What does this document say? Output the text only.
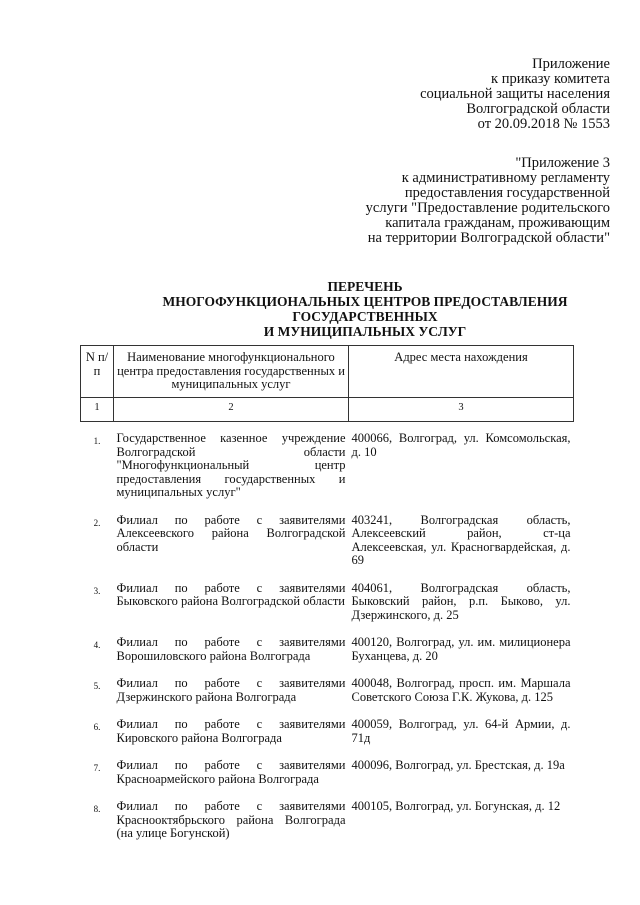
Приложение
к приказу комитета
социальной защиты населения
Волгоградской области
от 20.09.2018 № 1553
"Приложение 3
к административному регламенту
предоставления государственной
услуги "Предоставление родительского
капитала гражданам, проживающим
на территории Волгоградской области"
ПЕРЕЧЕНЬ
МНОГОФУНКЦИОНАЛЬНЫХ ЦЕНТРОВ ПРЕДОСТАВЛЕНИЯ
ГОСУДАРСТВЕННЫХ
И МУНИЦИПАЛЬНЫХ УСЛУГ
N п/п	Наименование многофункционального центра предоставления государственных и муниципальных услуг	Адрес места нахождения
1	2	3
1.	Государственное казенное учреждение Волгоградской области "Многофункциональный центр предоставления государственных и муниципальных услуг"	400066, Волгоград, ул. Комсомольская, д. 10

2.	Филиал по работе с заявителями Алексеевского района Волгоградской области	403241, Волгоградская область, Алексеевский район, ст-ца Алексеевская, ул. Красногвардейская, д. 69

3.	Филиал по работе с заявителями Быковского района Волгоградской области	404061, Волгоградская область, Быковский район, р.п. Быково, ул. Дзержинского, д. 25

4.	Филиал по работе с заявителями Ворошиловского района Волгограда	400120, Волгоград, ул. им. милиционера Буханцева, д. 20

5.	Филиал по работе с заявителями Дзержинского района Волгограда	400048, Волгоград, просп. им. Маршала Советского Союза Г.К. Жукова, д. 125

6.	Филиал по работе с заявителями Кировского района Волгограда	400059, Волгоград, ул. 64-й Армии, д. 71д

7.	Филиал по работе с заявителями Красноармейского района Волгограда	400096, Волгоград, ул. Брестская, д. 19а

8.	Филиал по работе с заявителями Краснооктябрьского района Волгограда (на улице Богунской)	400105, Волгоград, ул. Богунская, д. 12
